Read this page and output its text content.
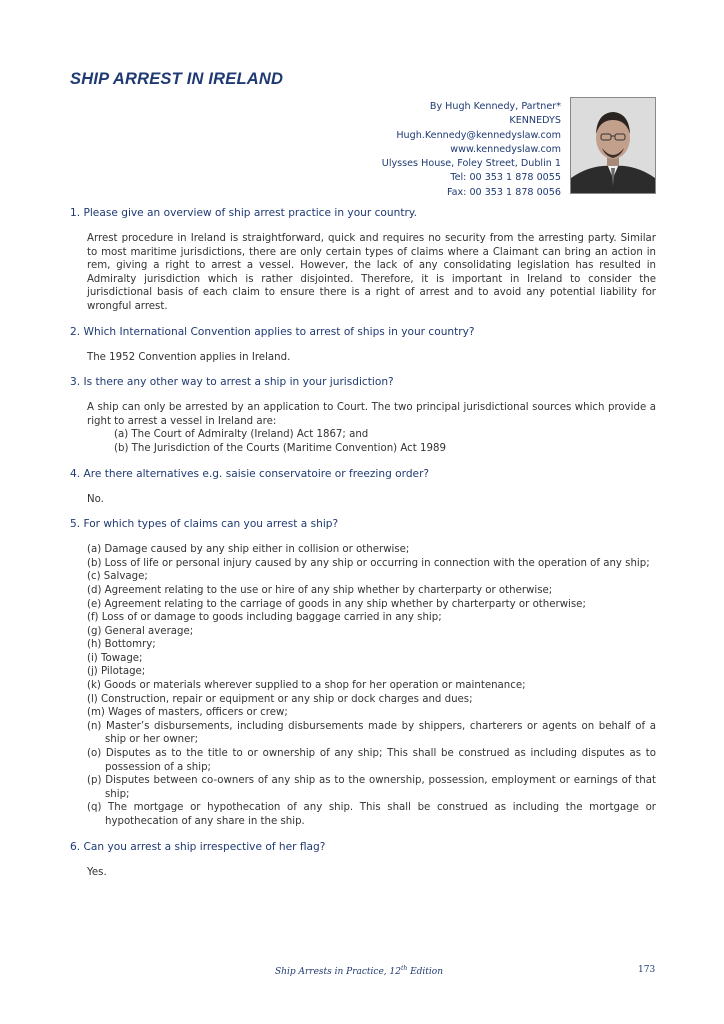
SHIP ARREST IN IRELAND
By Hugh Kennedy, Partner*
KENNEDYS
Hugh.Kennedy@kennedyslaw.com
www.kennedyslaw.com
Ulysses House, Foley Street, Dublin 1
Tel: 00 353 1 878 0055
Fax: 00 353 1 878 0056
1. Please give an overview of ship arrest practice in your country.
Arrest procedure in Ireland is straightforward, quick and requires no security from the arresting party. Similar to most maritime jurisdictions, there are only certain types of claims where a Claimant can bring an action in rem, giving a right to arrest a vessel. However, the lack of any consolidating legislation has resulted in Admiralty jurisdiction which is rather disjointed. Therefore, it is important in Ireland to consider the jurisdictional basis of each claim to ensure there is a right of arrest and to avoid any potential liability for wrongful arrest.
2. Which International Convention applies to arrest of ships in your country?
The 1952 Convention applies in Ireland.
3. Is there any other way to arrest a ship in your jurisdiction?
A ship can only be arrested by an application to Court. The two principal jurisdictional sources which provide a right to arrest a vessel in Ireland are:
(a) The Court of Admiralty (Ireland) Act 1867; and
(b) The Jurisdiction of the Courts (Maritime Convention) Act 1989
4. Are there alternatives e.g. saisie conservatoire or freezing order?
No.
5. For which types of claims can you arrest a ship?
(a) Damage caused by any ship either in collision or otherwise;
(b) Loss of life or personal injury caused by any ship or occurring in connection with the operation of any ship;
(c) Salvage;
(d) Agreement relating to the use or hire of any ship whether by charterparty or otherwise;
(e) Agreement relating to the carriage of goods in any ship whether by charterparty or otherwise;
(f) Loss of or damage to goods including baggage carried in any ship;
(g) General average;
(h) Bottomry;
(i) Towage;
(j) Pilotage;
(k) Goods or materials wherever supplied to a shop for her operation or maintenance;
(l) Construction, repair or equipment or any ship or dock charges and dues;
(m) Wages of masters, officers or crew;
(n) Master’s disbursements, including disbursements made by shippers, charterers or agents on behalf of a ship or her owner;
(o) Disputes as to the title to or ownership of any ship; This shall be construed as including disputes as to possession of a ship;
(p) Disputes between co-owners of any ship as to the ownership, possession, employment or earnings of that ship;
(q) The mortgage or hypothecation of any ship. This shall be construed as including the mortgage or hypothecation of any share in the ship.
6. Can you arrest a ship irrespective of her flag?
Yes.
Ship Arrests in Practice, 12th Edition	173
